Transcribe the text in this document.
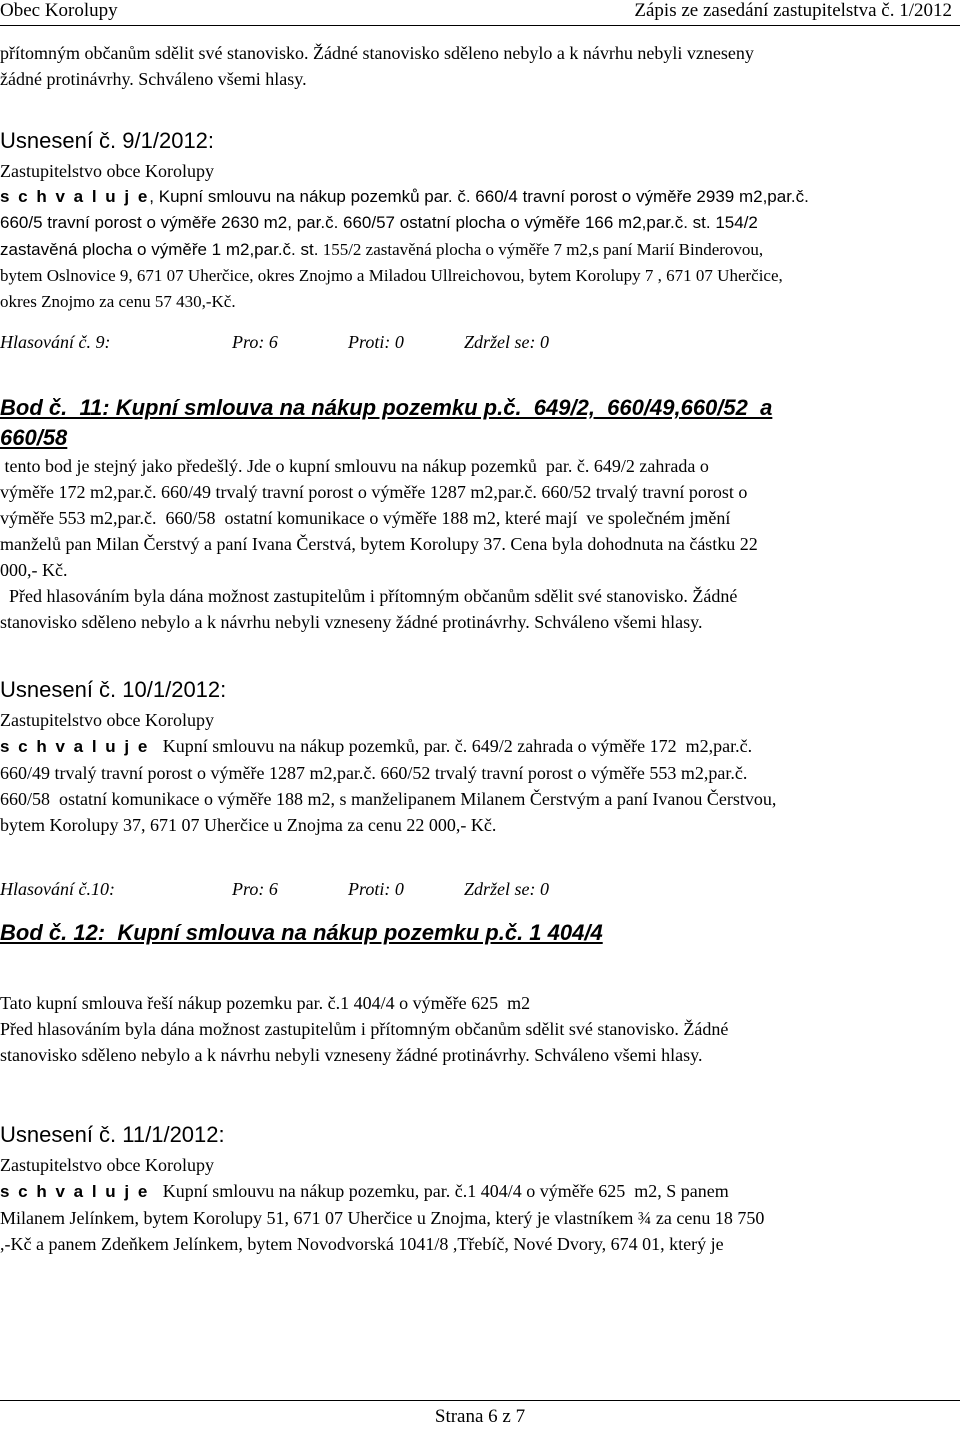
Obec Korolupy	Zápis ze zasedání zastupitelstva č. 1/2012

přítomným občanům sdělit své stanovisko. Žádné stanovisko sděleno nebylo a k návrhu nebyli vzneseny

žádné protinávrhy. Schváleno všemi hlasy.

Usnesení č. 9/1/2012:

Zastupitelstvo obce Korolupy

s c h v a l u j e, Kupní smlouvu na nákup pozemků par. č. 660/4 travní porost o výměře 2939 m2,par.č.

660/5 travní porost o výměře 2630 m2, par.č. 660/57 ostatní plocha o výměře 166 m2,par.č. st. 154/2

zastavěná plocha o výměře 1 m2,par.č. st. 155/2 zastavěná plocha o výměře 7 m2,s paní Marií Binderovou,

bytem Oslnovice 9, 671 07 Uherčice, okres Znojmo a Miladou Ullreichovou, bytem Korolupy 7 , 671 07 Uherčice,

okres Znojmo za cenu 57 430,-Kč.

Hlasování č. 9:	Pro: 6	Proti: 0	Zdržel se: 0

Bod č.  11: Kupní smlouva na nákup pozemku p.č.  649/2,  660/49,660/52  a

660/58

tento bod je stejný jako předešlý. Jde o kupní smlouvu na nákup pozemků  par. č. 649/2 zahrada o

výměře 172 m2,par.č. 660/49 trvalý travní porost o výměře 1287 m2,par.č. 660/52 trvalý travní porost o

výměře 553 m2,par.č.  660/58  ostatní komunikace o výměře 188 m2, které mají  ve společném jmění

manželů pan Milan Čerstvý a paní Ivana Čerstvá, bytem Korolupy 37. Cena byla dohodnuta na částku 22

000,- Kč.

Před hlasováním byla dána možnost zastupitelům i přítomným občanům sdělit své stanovisko. Žádné

stanovisko sděleno nebylo a k návrhu nebyli vzneseny žádné protinávrhy. Schváleno všemi hlasy.

Usnesení č. 10/1/2012:

Zastupitelstvo obce Korolupy

s c h v a l u j e   Kupní smlouvu na nákup pozemků, par. č. 649/2 zahrada o výměře 172  m2,par.č.

660/49 trvalý travní porost o výměře 1287 m2,par.č. 660/52 trvalý travní porost o výměře 553 m2,par.č.

660/58  ostatní komunikace o výměře 188 m2, s manželipanem Milanem Čerstvým a paní Ivanou Čerstvou,

bytem Korolupy 37, 671 07 Uherčice u Znojma za cenu 22 000,- Kč.

Hlasování č.10:	Pro: 6	Proti: 0	Zdržel se: 0

Bod č. 12:  Kupní smlouva na nákup pozemku p.č. 1 404/4

Tato kupní smlouva řeší nákup pozemku par. č.1 404/4 o výměře 625  m2

Před hlasováním byla dána možnost zastupitelům i přítomným občanům sdělit své stanovisko. Žádné

stanovisko sděleno nebylo a k návrhu nebyli vzneseny žádné protinávrhy. Schváleno všemi hlasy.

Usnesení č. 11/1/2012:

Zastupitelstvo obce Korolupy

s c h v a l u j e   Kupní smlouvu na nákup pozemku, par. č.1 404/4 o výměře 625  m2, S panem

Milanem Jelínkem, bytem Korolupy 51, 671 07 Uherčice u Znojma, který je vlastníkem ¾ za cenu 18 750

,-Kč a panem Zdeňkem Jelínkem, bytem Novodvorská 1041/8 ,Třebíč, Nové Dvory, 674 01, který je

Strana 6 z 7
